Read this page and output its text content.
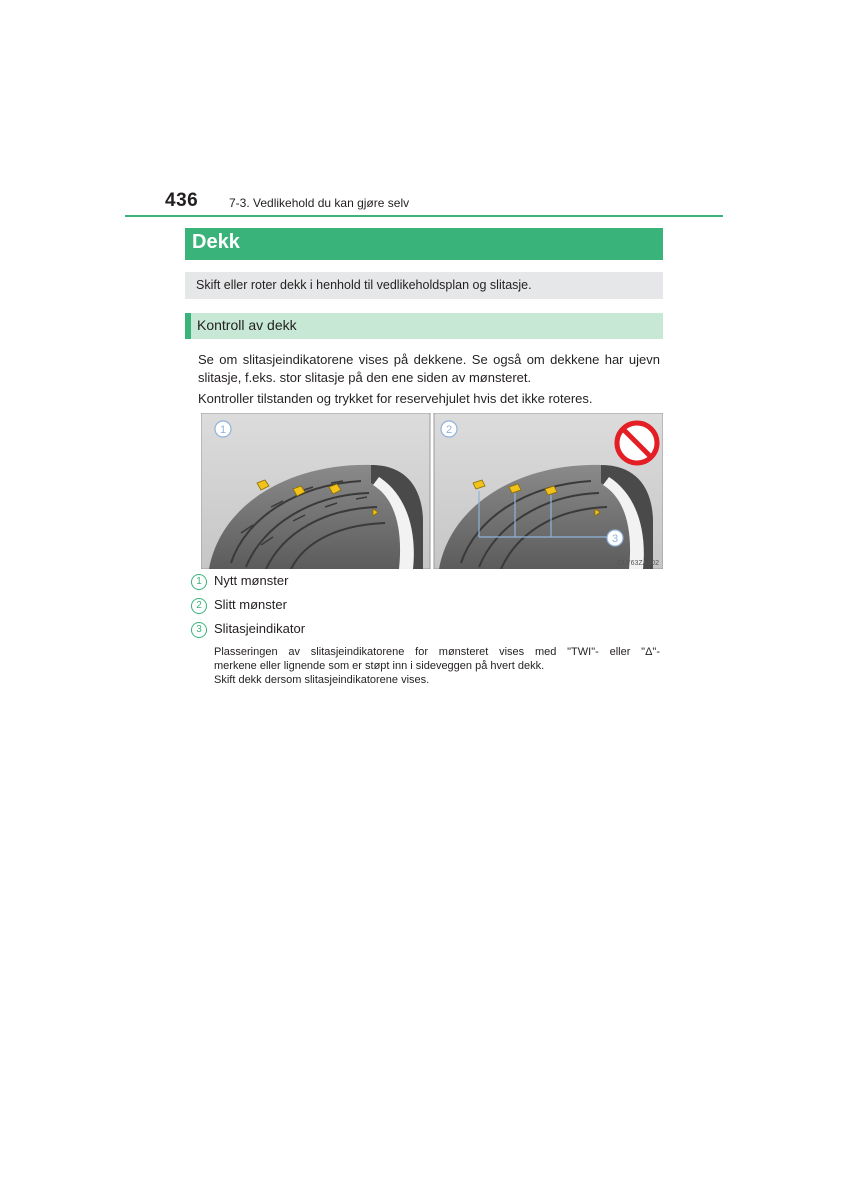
436	7-3. Vedlikehold du kan gjøre selv
Dekk
Skift eller roter dekk i henhold til vedlikeholdsplan og slitasje.
Kontroll av dekk
Se om slitasjeindikatorene vises på dekkene. Se også om dekkene har ujevn
slitasje, f.eks. stor slitasje på den ene siden av mønsteret.
Kontroller tilstanden og trykket for reservehjulet hvis det ikke roteres.
1
3
2
CLY63ZA002
1 Nytt mønster
2 Slitt mønster
3 Slitasjeindikator
Plasseringen av slitasjeindikatorene for mønsteret vises med "TWI"- eller "Δ"-
merkene eller lignende som er støpt inn i sideveggen på hvert dekk.
Skift dekk dersom slitasjeindikatorene vises.
